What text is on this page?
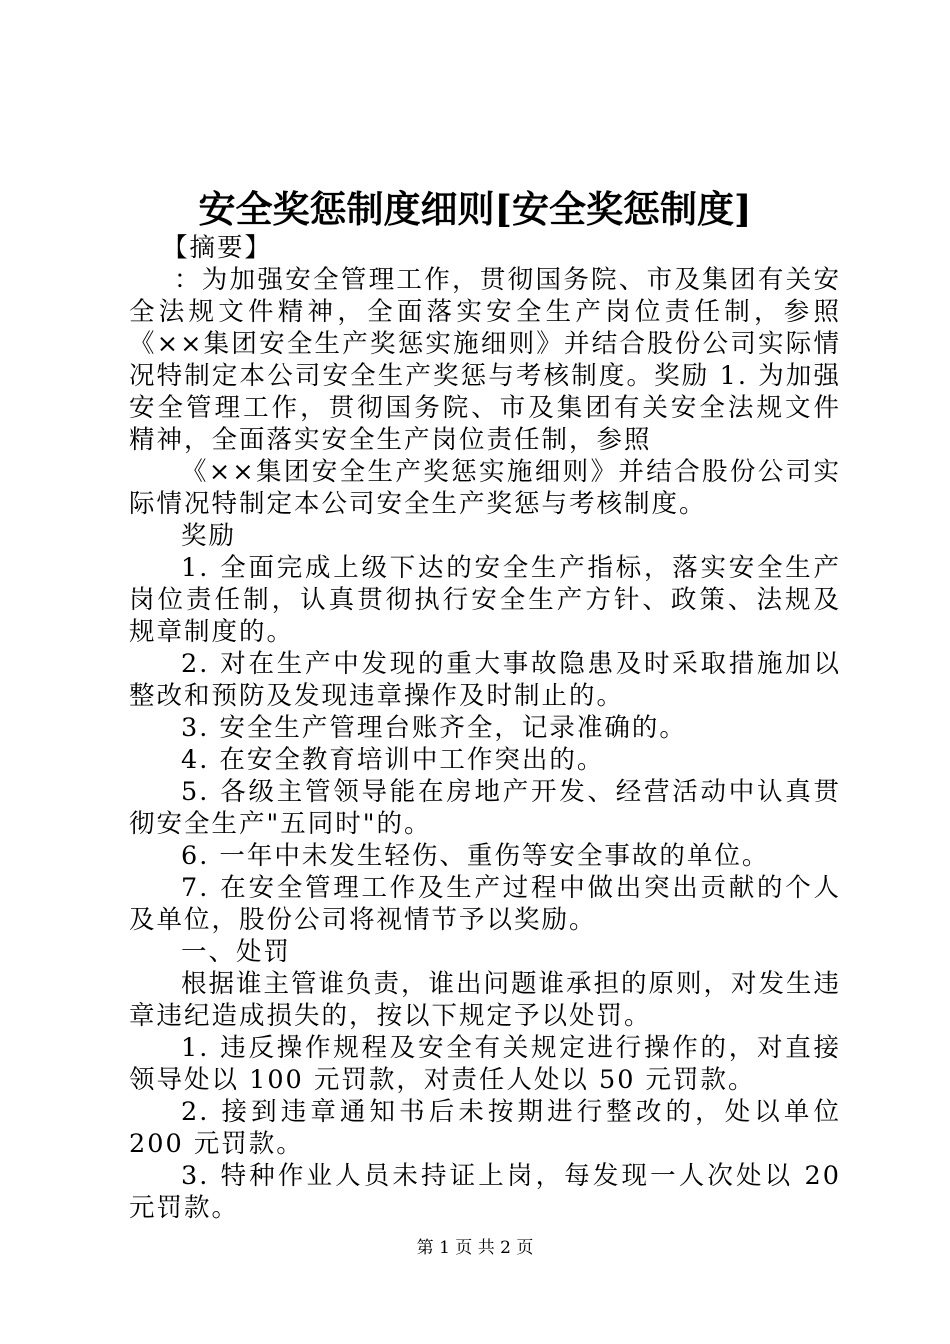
安全奖惩制度细则[安全奖惩制度]

【摘要】

：为加强安全管理工作，贯彻国务院、市及集团有关安全法规文件精神，全面落实安全生产岗位责任制，参照《××集团安全生产奖惩实施细则》并结合股份公司实际情况特制定本公司安全生产奖惩与考核制度。奖励 1. 为加强安全管理工作，贯彻国务院、市及集团有关安全法规文件精神，全面落实安全生产岗位责任制，参照

《××集团安全生产奖惩实施细则》并结合股份公司实际情况特制定本公司安全生产奖惩与考核制度。

奖励

1. 全面完成上级下达的安全生产指标，落实安全生产岗位责任制，认真贯彻执行安全生产方针、政策、法规及规章制度的。

2. 对在生产中发现的重大事故隐患及时采取措施加以整改和预防及发现违章操作及时制止的。

3. 安全生产管理台账齐全，记录准确的。

4. 在安全教育培训中工作突出的。

5. 各级主管领导能在房地产开发、经营活动中认真贯彻安全生产"五同时"的。

6. 一年中未发生轻伤、重伤等安全事故的单位。

7. 在安全管理工作及生产过程中做出突出贡献的个人及单位，股份公司将视情节予以奖励。

一、处罚

根据谁主管谁负责，谁出问题谁承担的原则，对发生违章违纪造成损失的，按以下规定予以处罚。

1. 违反操作规程及安全有关规定进行操作的，对直接领导处以 100 元罚款，对责任人处以 50 元罚款。

2. 接到违章通知书后未按期进行整改的，处以单位 200 元罚款。

3. 特种作业人员未持证上岗，每发现一人次处以 20 元罚款。

第 1 页 共 2 页
